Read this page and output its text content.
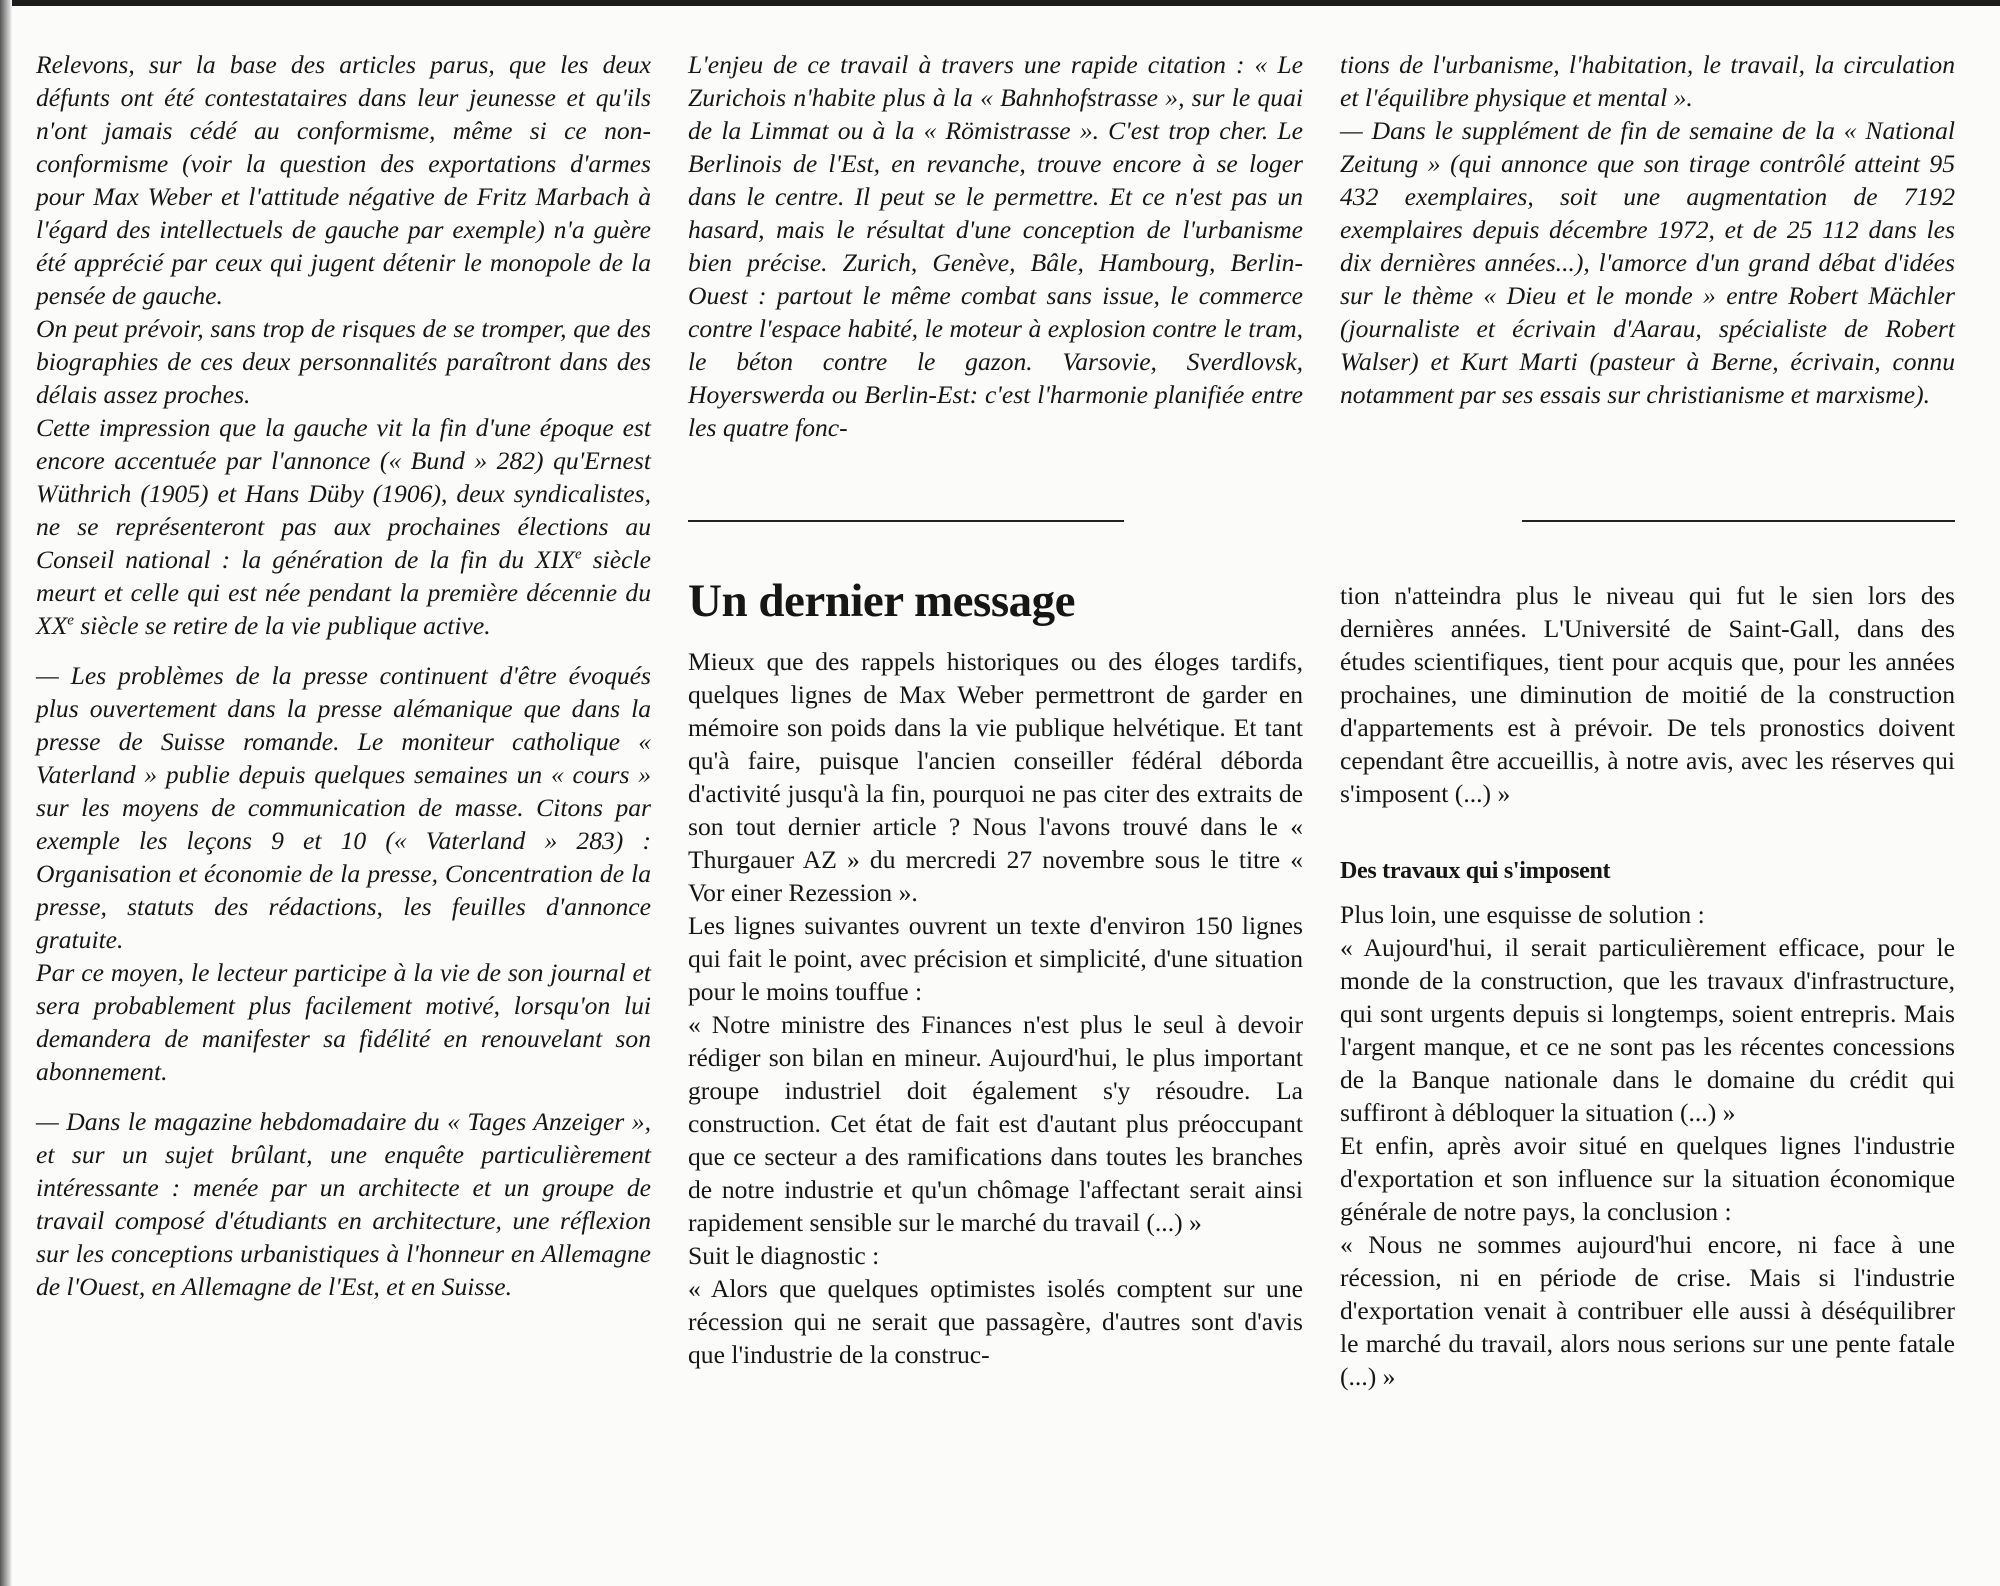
Relevons, sur la base des articles parus, que les deux défunts ont été contestataires dans leur jeunesse et qu'ils n'ont jamais cédé au conformisme, même si ce non-conformisme (voir la question des exportations d'armes pour Max Weber et l'attitude négative de Fritz Marbach à l'égard des intellectuels de gauche par exemple) n'a guère été apprécié par ceux qui jugent détenir le monopole de la pensée de gauche.

On peut prévoir, sans trop de risques de se tromper, que des biographies de ces deux personnalités paraîtront dans des délais assez proches.

Cette impression que la gauche vit la fin d'une époque est encore accentuée par l'annonce (« Bund » 282) qu'Ernest Wüthrich (1905) et Hans Düby (1906), deux syndicalistes, ne se représenteront pas aux prochaines élections au Conseil national : la génération de la fin du XIXe siècle meurt et celle qui est née pendant la première décennie du XXe siècle se retire de la vie publique active.

— Les problèmes de la presse continuent d'être évoqués plus ouvertement dans la presse alémanique que dans la presse de Suisse romande. Le moniteur catholique « Vaterland » publie depuis quelques semaines un « cours » sur les moyens de communication de masse. Citons par exemple les leçons 9 et 10 (« Vaterland » 283) : Organisation et économie de la presse, Concentration de la presse, statuts des rédactions, les feuilles d'annonce gratuite.

Par ce moyen, le lecteur participe à la vie de son journal et sera probablement plus facilement motivé, lorsqu'on lui demandera de manifester sa fidélité en renouvelant son abonnement.

— Dans le magazine hebdomadaire du « Tages Anzeiger », et sur un sujet brûlant, une enquête particulièrement intéressante : menée par un architecte et un groupe de travail composé d'étudiants en architecture, une réflexion sur les conceptions urbanistiques à l'honneur en Allemagne de l'Ouest, en Allemagne de l'Est, et en Suisse.

L'enjeu de ce travail à travers une rapide citation : « Le Zurichois n'habite plus à la « Bahnhofstrasse », sur le quai de la Limmat ou à la « Römistrasse ». C'est trop cher. Le Berlinois de l'Est, en revanche, trouve encore à se loger dans le centre. Il peut se le permettre. Et ce n'est pas un hasard, mais le résultat d'une conception de l'urbanisme bien précise. Zurich, Genève, Bâle, Hambourg, Berlin-Ouest : partout le même combat sans issue, le commerce contre l'espace habité, le moteur à explosion contre le tram, le béton contre le gazon. Varsovie, Sverdlovsk, Hoyerswerda ou Berlin-Est: c'est l'harmonie planifiée entre les quatre fonc-

tions de l'urbanisme, l'habitation, le travail, la circulation et l'équilibre physique et mental ».

— Dans le supplément de fin de semaine de la « National Zeitung » (qui annonce que son tirage contrôlé atteint 95 432 exemplaires, soit une augmentation de 7192 exemplaires depuis décembre 1972, et de 25 112 dans les dix dernières années...), l'amorce d'un grand débat d'idées sur le thème « Dieu et le monde » entre Robert Mächler (journaliste et écrivain d'Aarau, spécialiste de Robert Walser) et Kurt Marti (pasteur à Berne, écrivain, connu notamment par ses essais sur christianisme et marxisme).

Un dernier message

Mieux que des rappels historiques ou des éloges tardifs, quelques lignes de Max Weber permettront de garder en mémoire son poids dans la vie publique helvétique. Et tant qu'à faire, puisque l'ancien conseiller fédéral déborda d'activité jusqu'à la fin, pourquoi ne pas citer des extraits de son tout dernier article ? Nous l'avons trouvé dans le « Thurgauer AZ » du mercredi 27 novembre sous le titre « Vor einer Rezession ».

Les lignes suivantes ouvrent un texte d'environ 150 lignes qui fait le point, avec précision et simplicité, d'une situation pour le moins touffue :

« Notre ministre des Finances n'est plus le seul à devoir rédiger son bilan en mineur. Aujourd'hui, le plus important groupe industriel doit également s'y résoudre. La construction. Cet état de fait est d'autant plus préoccupant que ce secteur a des ramifications dans toutes les branches de notre industrie et qu'un chômage l'affectant serait ainsi rapidement sensible sur le marché du travail (...) »

Suit le diagnostic :

« Alors que quelques optimistes isolés comptent sur une récession qui ne serait que passagère, d'autres sont d'avis que l'industrie de la construc-

tion n'atteindra plus le niveau qui fut le sien lors des dernières années. L'Université de Saint-Gall, dans des études scientifiques, tient pour acquis que, pour les années prochaines, une diminution de moitié de la construction d'appartements est à prévoir. De tels pronostics doivent cependant être accueillis, à notre avis, avec les réserves qui s'imposent (...) »

Des travaux qui s'imposent

Plus loin, une esquisse de solution :

« Aujourd'hui, il serait particulièrement efficace, pour le monde de la construction, que les travaux d'infrastructure, qui sont urgents depuis si longtemps, soient entrepris. Mais l'argent manque, et ce ne sont pas les récentes concessions de la Banque nationale dans le domaine du crédit qui suffiront à débloquer la situation (...) »

Et enfin, après avoir situé en quelques lignes l'industrie d'exportation et son influence sur la situation économique générale de notre pays, la conclusion :

« Nous ne sommes aujourd'hui encore, ni face à une récession, ni en période de crise. Mais si l'industrie d'exportation venait à contribuer elle aussi à déséquilibrer le marché du travail, alors nous serions sur une pente fatale (...) »
